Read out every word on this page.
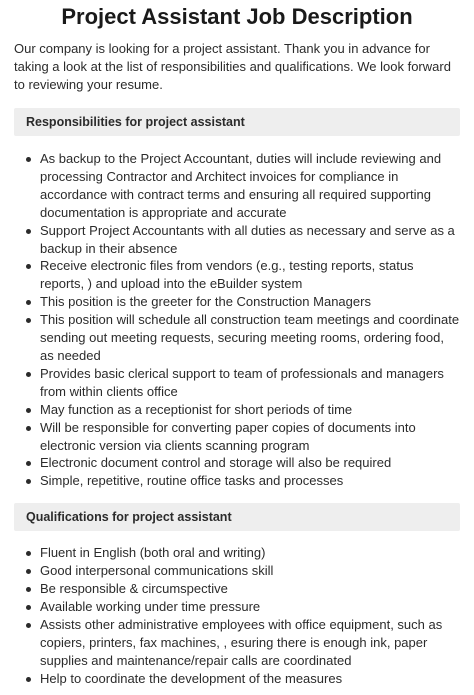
Project Assistant Job Description

Our company is looking for a project assistant. Thank you in advance for taking a look at the list of responsibilities and qualifications. We look forward to reviewing your resume.

Responsibilities for project assistant
As backup to the Project Accountant, duties will include reviewing and processing Contractor and Architect invoices for compliance in accordance with contract terms and ensuring all required supporting documentation is appropriate and accurate
Support Project Accountants with all duties as necessary and serve as a backup in their absence
Receive electronic files from vendors (e.g., testing reports, status reports, ) and upload into the eBuilder system
This position is the greeter for the Construction Managers
This position will schedule all construction team meetings and coordinate sending out meeting requests, securing meeting rooms, ordering food, as needed
Provides basic clerical support to team of professionals and managers from within clients office
May function as a receptionist for short periods of time
Will be responsible for converting paper copies of documents into electronic version via clients scanning program
Electronic document control and storage will also be required
Simple, repetitive, routine office tasks and processes
Qualifications for project assistant
Fluent in English (both oral and writing)
Good interpersonal communications skill
Be responsible & circumspective
Available working under time pressure
Assists other administrative employees with office equipment, such as copiers, printers, fax machines, , esuring there is enough ink, paper supplies and maintenance/repair calls are coordinated
Help to coordinate the development of the measures
